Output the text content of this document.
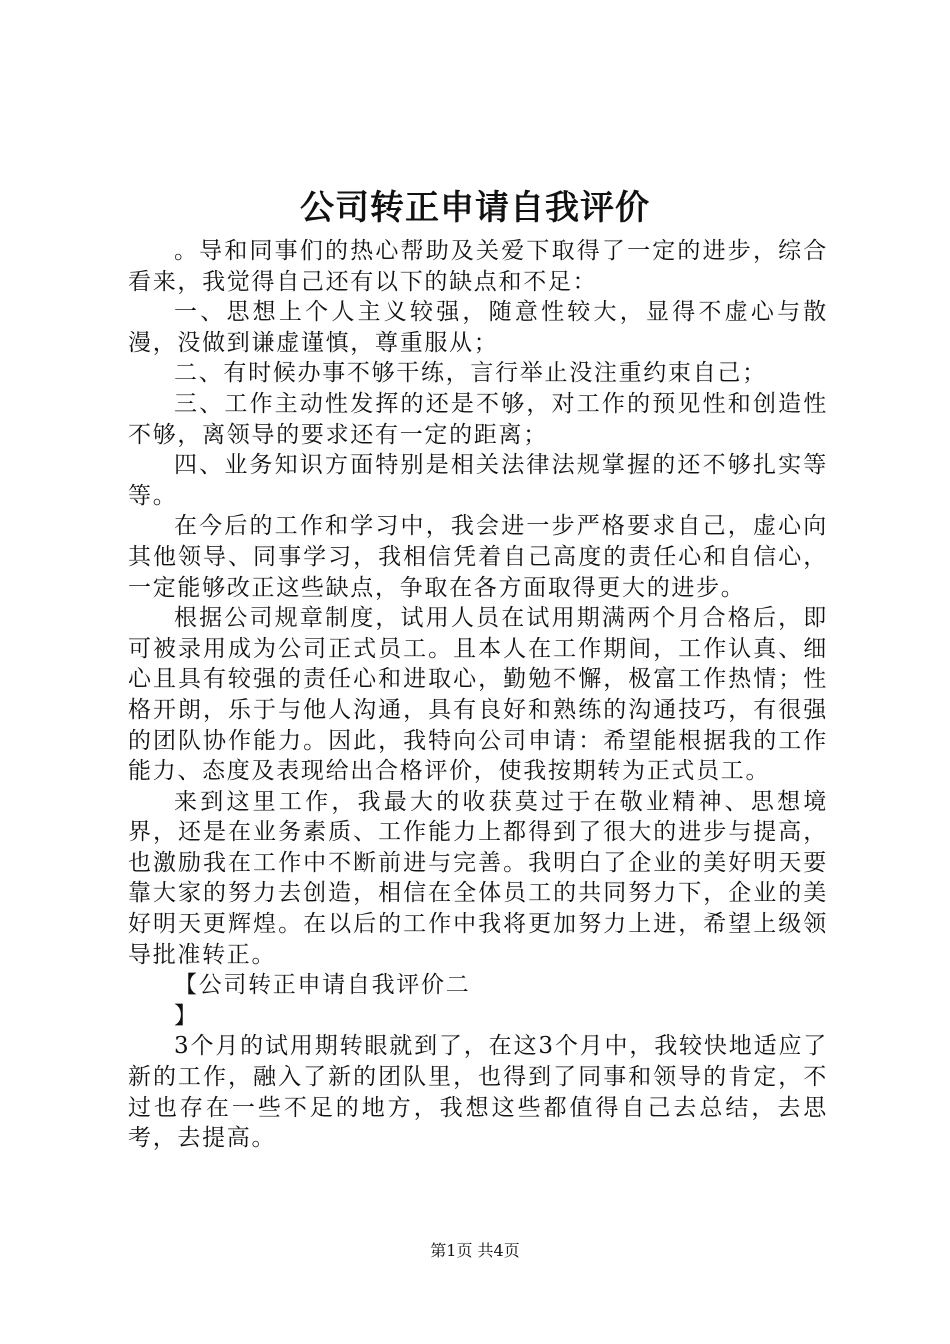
公司转正申请自我评价

。导和同事们的热心帮助及关爱下取得了一定的进步，综合看来，我觉得自己还有以下的缺点和不足：

一、思想上个人主义较强，随意性较大，显得不虚心与散漫，没做到谦虚谨慎，尊重服从；

二、有时候办事不够干练，言行举止没注重约束自己；

三、工作主动性发挥的还是不够，对工作的预见性和创造性不够，离领导的要求还有一定的距离；

四、业务知识方面特别是相关法律法规掌握的还不够扎实等等。

在今后的工作和学习中，我会进一步严格要求自己，虚心向其他领导、同事学习，我相信凭着自己高度的责任心和自信心，一定能够改正这些缺点，争取在各方面取得更大的进步。

根据公司规章制度，试用人员在试用期满两个月合格后，即可被录用成为公司正式员工。且本人在工作期间，工作认真、细心且具有较强的责任心和进取心，勤勉不懈，极富工作热情；性格开朗，乐于与他人沟通，具有良好和熟练的沟通技巧，有很强的团队协作能力。因此，我特向公司申请：希望能根据我的工作能力、态度及表现给出合格评价，使我按期转为正式员工。

来到这里工作，我最大的收获莫过于在敬业精神、思想境界，还是在业务素质、工作能力上都得到了很大的进步与提高，也激励我在工作中不断前进与完善。我明白了企业的美好明天要靠大家的努力去创造，相信在全体员工的共同努力下，企业的美好明天更辉煌。在以后的工作中我将更加努力上进，希望上级领导批准转正。

【公司转正申请自我评价二

】

3个月的试用期转眼就到了，在这3个月中，我较快地适应了新的工作，融入了新的团队里，也得到了同事和领导的肯定，不过也存在一些不足的地方，我想这些都值得自己去总结，去思考，去提高。

第1页 共4页
